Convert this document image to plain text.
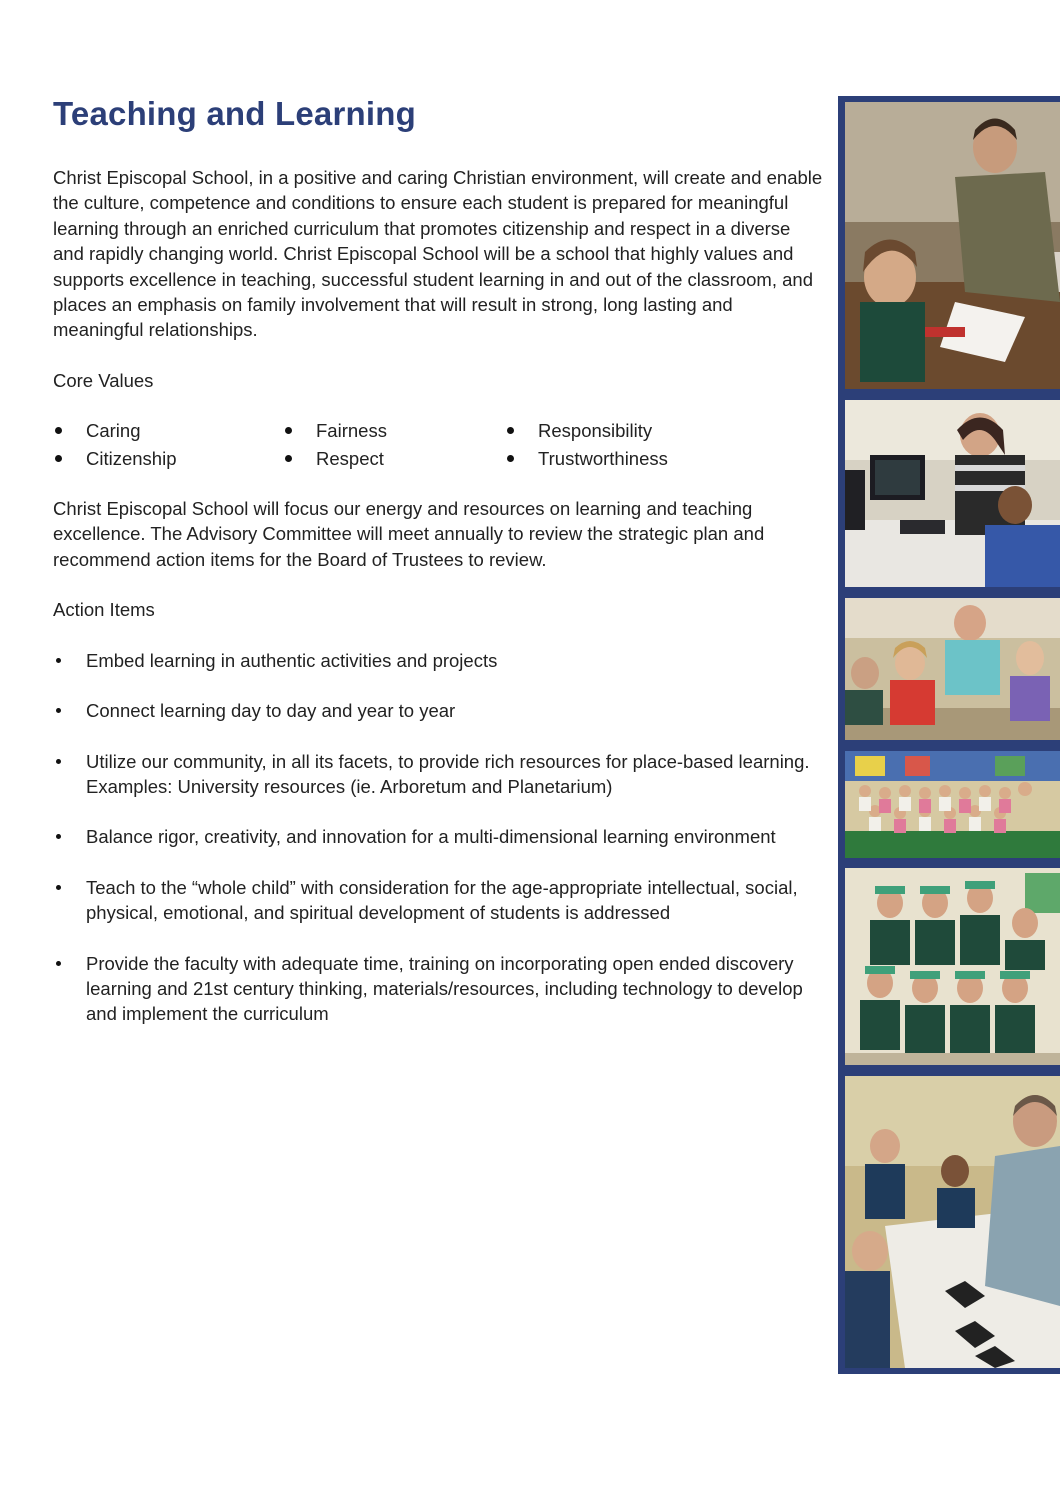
Teaching and Learning

Christ Episcopal School, in a positive and caring Christian environment, will create and enable the culture, competence and conditions to ensure each student is prepared for meaningful learning through an enriched curriculum that promotes citizenship and respect in a diverse and rapidly changing world. Christ Episcopal School will be a school that highly values and supports excellence in teaching, successful student learning in and out of the classroom, and places an emphasis on family involvement that will result in strong, long lasting and meaningful relationships.

Core Values

Caring	Fairness	Responsibility
Citizenship	Respect	Trustworthiness

Christ Episcopal School will focus our energy and resources on learning and teaching excellence. The Advisory Committee will meet annually to review the strategic plan and recommend action items for the Board of Trustees to review.

Action Items

Embed learning in authentic activities and projects
Connect learning day to day and year to year
Utilize our community, in all its facets, to provide rich resources for place-based learning. Examples: University resources (ie. Arboretum and Planetarium)
Balance rigor, creativity, and innovation for a multi-dimensional learning environment
Teach to the “whole child” with consideration for the age-appropriate intellectual, social, physical, emotional, and spiritual development of students is addressed
Provide the faculty with adequate time, training on incorporating open ended discovery learning and 21st century thinking, materials/resources, including technology to develop and implement the curriculum
